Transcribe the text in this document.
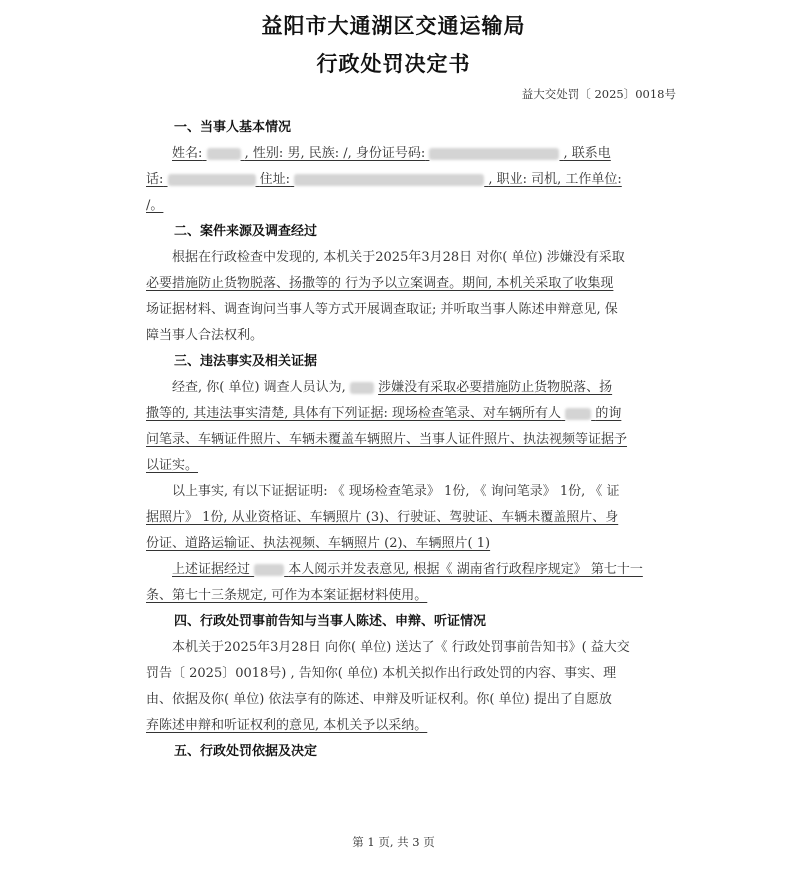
益阳市大通湖区交通运输局
行政处罚决定书
益大交处罚〔 2025〕0018号
一、当事人基本情况
姓名:	, 性别: 男, 民族: /, 身份证号码:	, 联系电
话:	住址:	, 职业: 司机, 工作单位:
/。
二、案件来源及调查经过
根据在行政检查中发现的, 本机关于2025年3月28日 对你( 单位) 涉嫌没有采取
必要措施防止货物脱落、扬撒等的 行为予以立案调查。期间, 本机关采取了收集现
场证据材料、调查询问当事人等方式开展调查取证; 并听取当事人陈述申辩意见, 保
障当事人合法权利。
三、违法事实及相关证据
经查, 你( 单位) 调查人员认为, 涉嫌没有采取必要措施防止货物脱落、扬
撒等的, 其违法事实清楚, 具体有下列证据: 现场检查笔录、对车辆所有人	的询
问笔录、车辆证件照片、车辆未覆盖车辆照片、当事人证件照片、执法视频等证据予
以证实。
以上事实, 有以下证据证明: 《 现场检查笔录》 1份, 《 询问笔录》 1份, 《 证
据照片》 1份, 从业资格证、车辆照片 (3)、行驶证、驾驶证、车辆未覆盖照片、身
份证、道路运输证、执法视频、车辆照片 (2)、车辆照片( 1)
上述证据经过	本人阅示并发表意见, 根据《 湖南省行政程序规定》 第七十一
条、第七十三条规定, 可作为本案证据材料使用。
四、行政处罚事前告知与当事人陈述、申辩、听证情况
本机关于2025年3月28日 向你( 单位) 送达了《 行政处罚事前告知书》( 益大交
罚告〔 2025〕0018号) , 告知你( 单位) 本机关拟作出行政处罚的内容、事实、理
由、依据及你( 单位) 依法享有的陈述、申辩及听证权利。你( 单位) 提出了自愿放
弃陈述申辩和听证权利的意见, 本机关予以采纳。
五、行政处罚依据及决定
第 1 页, 共 3 页
